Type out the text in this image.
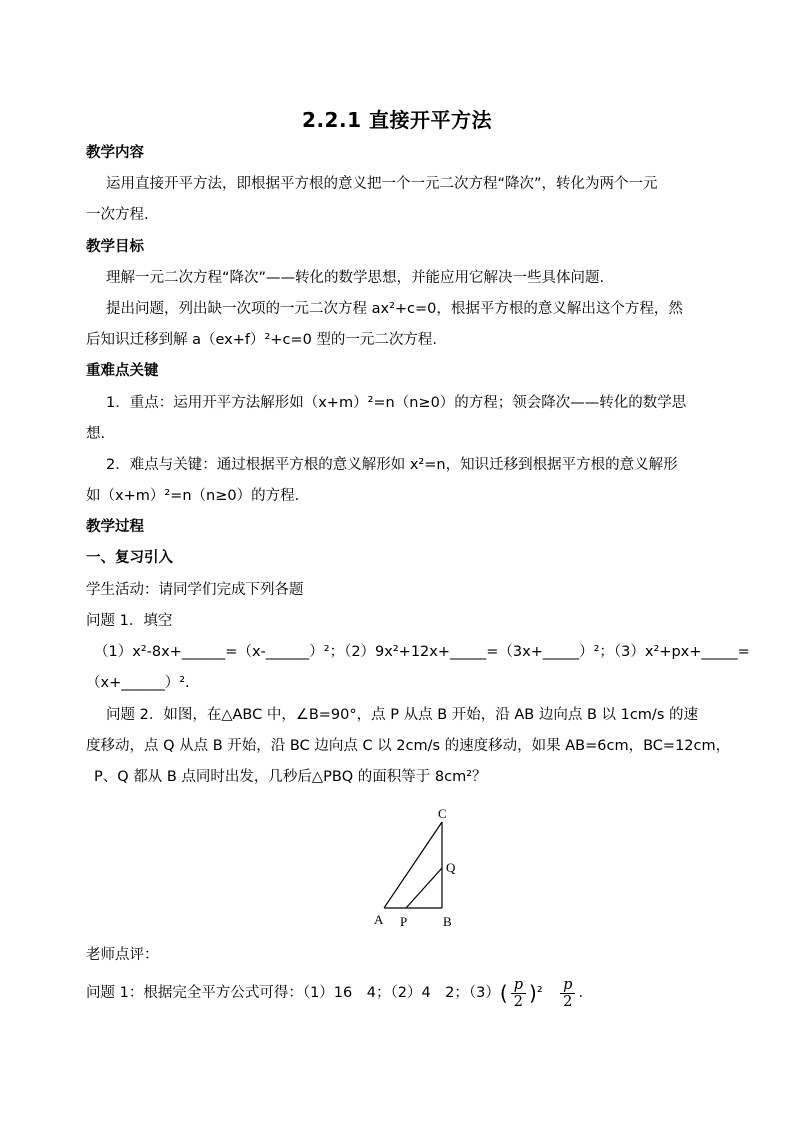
2.2.1 直接开平方法
教学内容
运用直接开平方法，即根据平方根的意义把一个一元二次方程“降次”，转化为两个一元
一次方程.
教学目标
理解一元二次方程“降次”——转化的数学思想，并能应用它解决一些具体问题.
提出问题，列出缺一次项的一元二次方程 ax²+c=0，根据平方根的意义解出这个方程，然
后知识迁移到解 a（ex+f）²+c=0 型的一元二次方程.
重难点关键
1．重点：运用开平方法解形如（x+m）²=n（n≥0）的方程；领会降次——转化的数学思
想.
2．难点与关键：通过根据平方根的意义解形如 x²=n，知识迁移到根据平方根的意义解形
如（x+m）²=n（n≥0）的方程.
教学过程
一、复习引入
学生活动：请同学们完成下列各题
问题 1．填空
（1）x²-8x+______=（x-______）²；（2）9x²+12x+_____=（3x+_____）²；（3）x²+px+_____=
（x+______）².
问题 2．如图，在△ABC 中，∠B=90°，点 P 从点 B 开始，沿 AB 边向点 B 以 1cm/s 的速
度移动，点 Q 从点 B 开始，沿 BC 边向点 C 以 2cm/s 的速度移动，如果 AB=6cm，BC=12cm，
P、Q 都从 B 点同时出发，几秒后△PBQ 的面积等于 8cm²？
C
Q
A P	B
老师点评：
问题 1：根据完全平方公式可得：（1）16　4；（2）4　2；$(3)( \frac{p}{2} )^2$　 $\frac{p}{2}$ .
